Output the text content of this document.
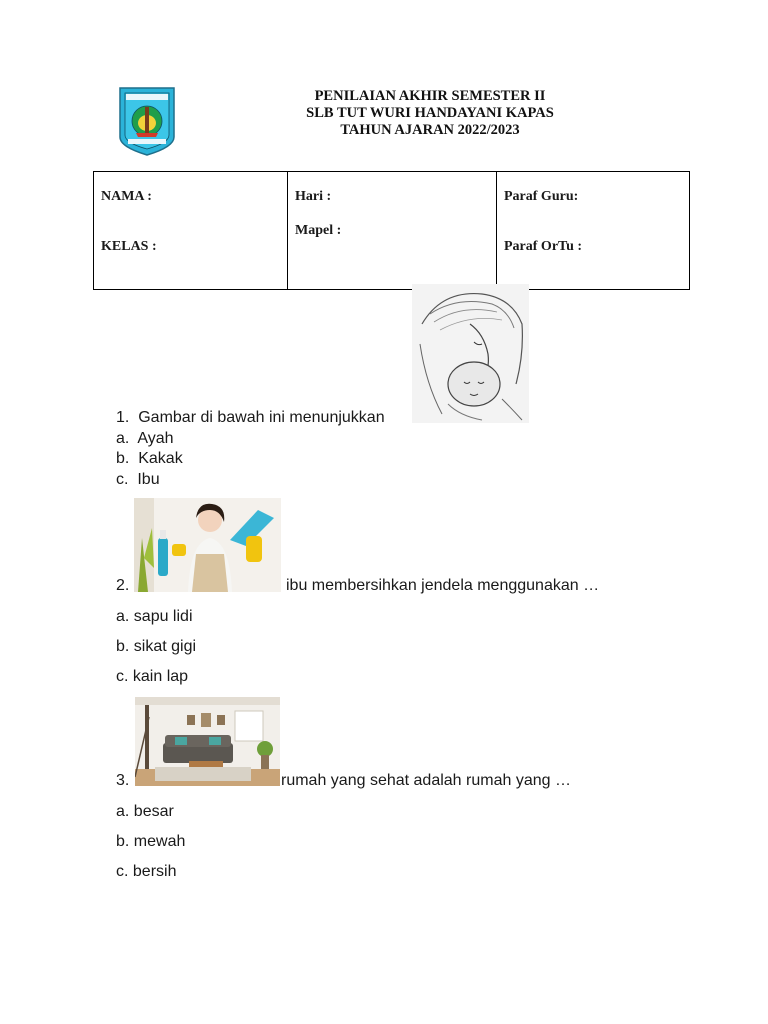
PENILAIAN AKHIR SEMESTER II
SLB TUT WURI HANDAYANI KAPAS
TAHUN AJARAN 2022/2023
NAMA :
KELAS :

Hari :
Mapel :

Paraf Guru:
Paraf OrTu :
1. Gambar di bawah ini menunjukkan
a. Ayah
b. Kakak
c. Ibu
2.	ibu membersihkan jendela menggunakan …
a. sapu lidi
b. sikat gigi
c. kain lap
3.	rumah yang sehat adalah rumah yang …
a. besar
b. mewah
c. bersih
